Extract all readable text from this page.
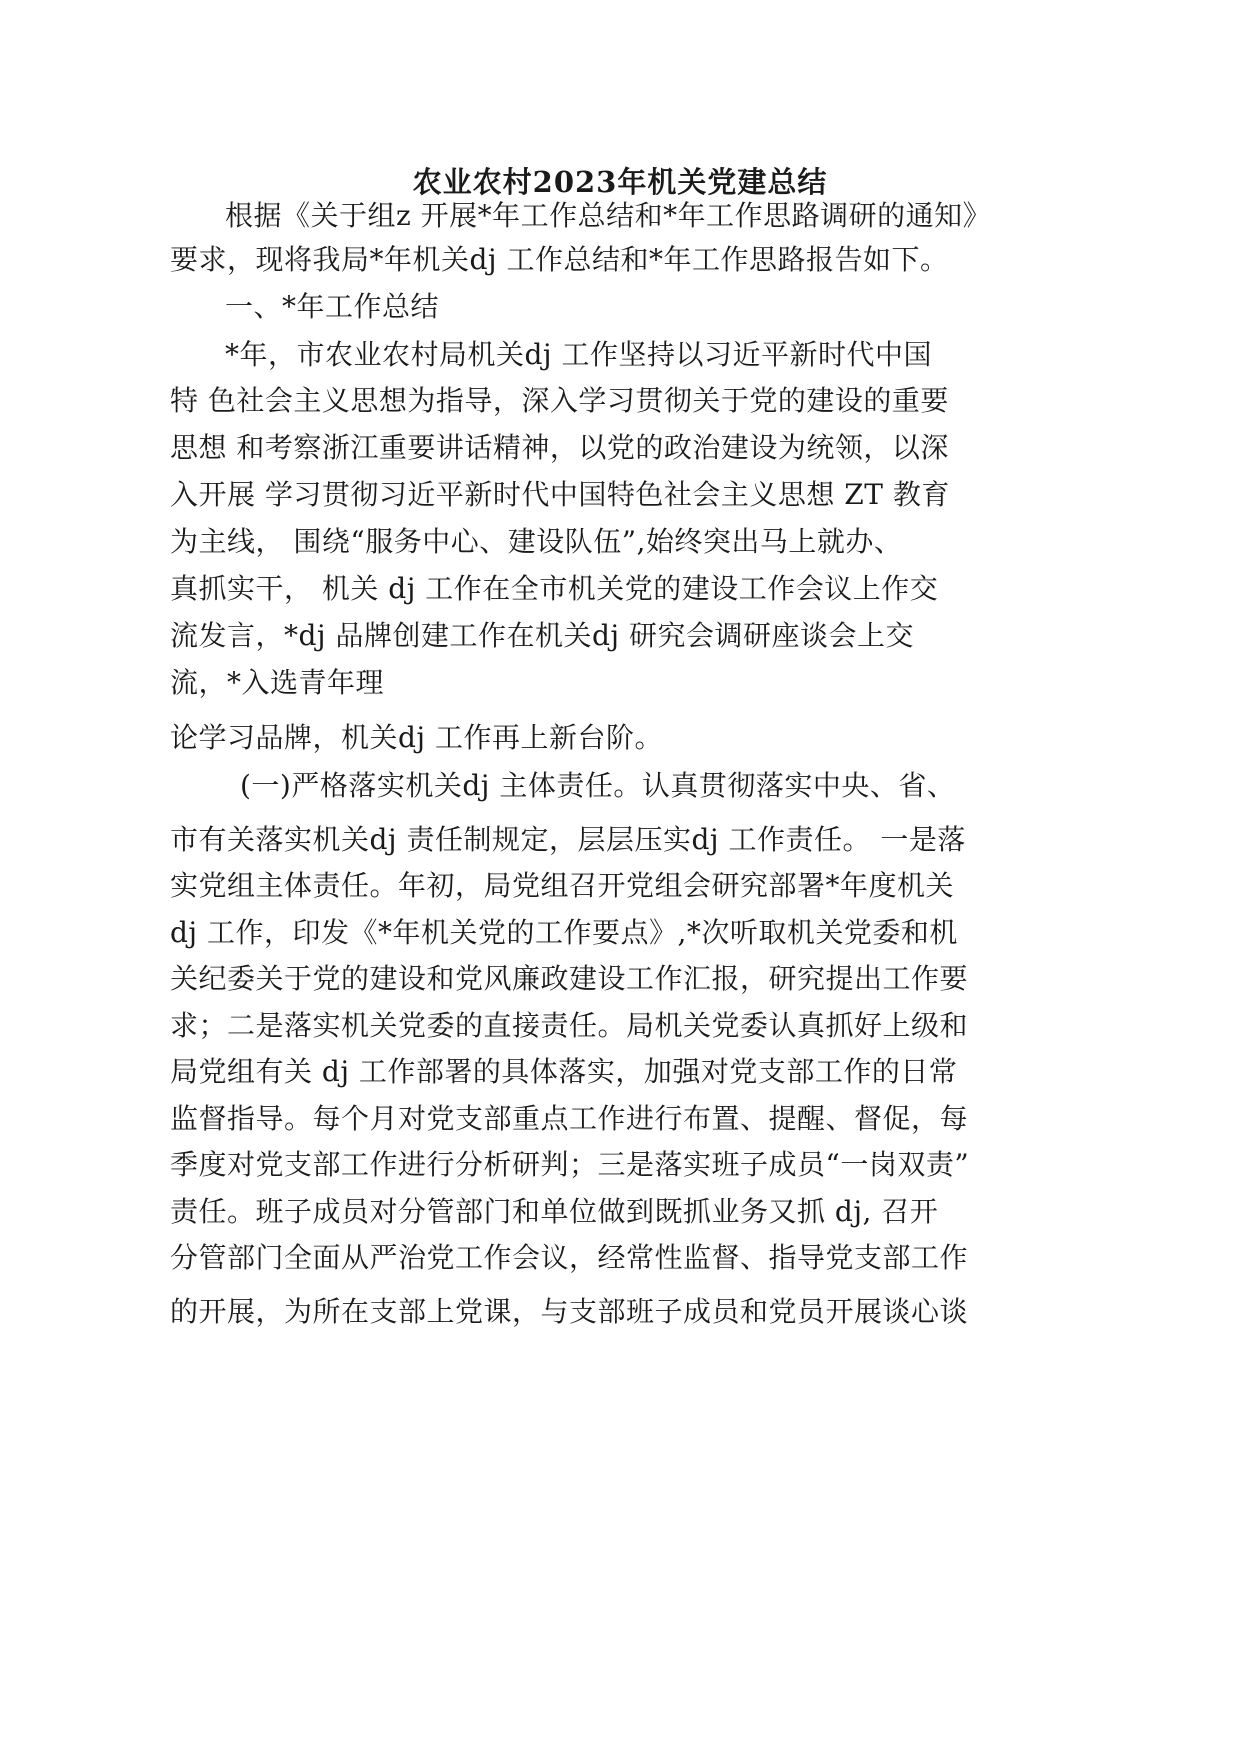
农业农村2023年机关党建总结
根据《关于组z 开展*年工作总结和*年工作思路调研的通知》
要求，现将我局*年机关dj 工作总结和*年工作思路报告如下。
一、*年工作总结
*年，市农业农村局机关dj 工作坚持以习近平新时代中国
特 色社会主义思想为指导，深入学习贯彻关于党的建设的重要
思想 和考察浙江重要讲话精神，以党的政治建设为统领，以深
入开展 学习贯彻习近平新时代中国特色社会主义思想 ZT 教育
为主线， 围绕“服务中心、建设队伍”,始终突出马上就办、
真抓实干， 机关 dj 工作在全市机关党的建设工作会议上作交
流发言，*dj 品牌创建工作在机关dj 研究会调研座谈会上交
流，*入选青年理
论学习品牌，机关dj 工作再上新台阶。
(一)严格落实机关dj 主体责任。认真贯彻落实中央、省、
市有关落实机关dj 责任制规定，层层压实dj 工作责任。 一是落
实党组主体责任。年初，局党组召开党组会研究部署*年度机关
dj 工作，印发《*年机关党的工作要点》,*次听取机关党委和机
关纪委关于党的建设和党风廉政建设工作汇报，研究提出工作要
求；二是落实机关党委的直接责任。局机关党委认真抓好上级和
局党组有关 dj 工作部署的具体落实，加强对党支部工作的日常
监督指导。每个月对党支部重点工作进行布置、提醒、督促，每
季度对党支部工作进行分析研判；三是落实班子成员“一岗双责”
责任。班子成员对分管部门和单位做到既抓业务又抓 dj, 召开
分管部门全面从严治党工作会议，经常性监督、指导党支部工作
的开展，为所在支部上党课，与支部班子成员和党员开展谈心谈
